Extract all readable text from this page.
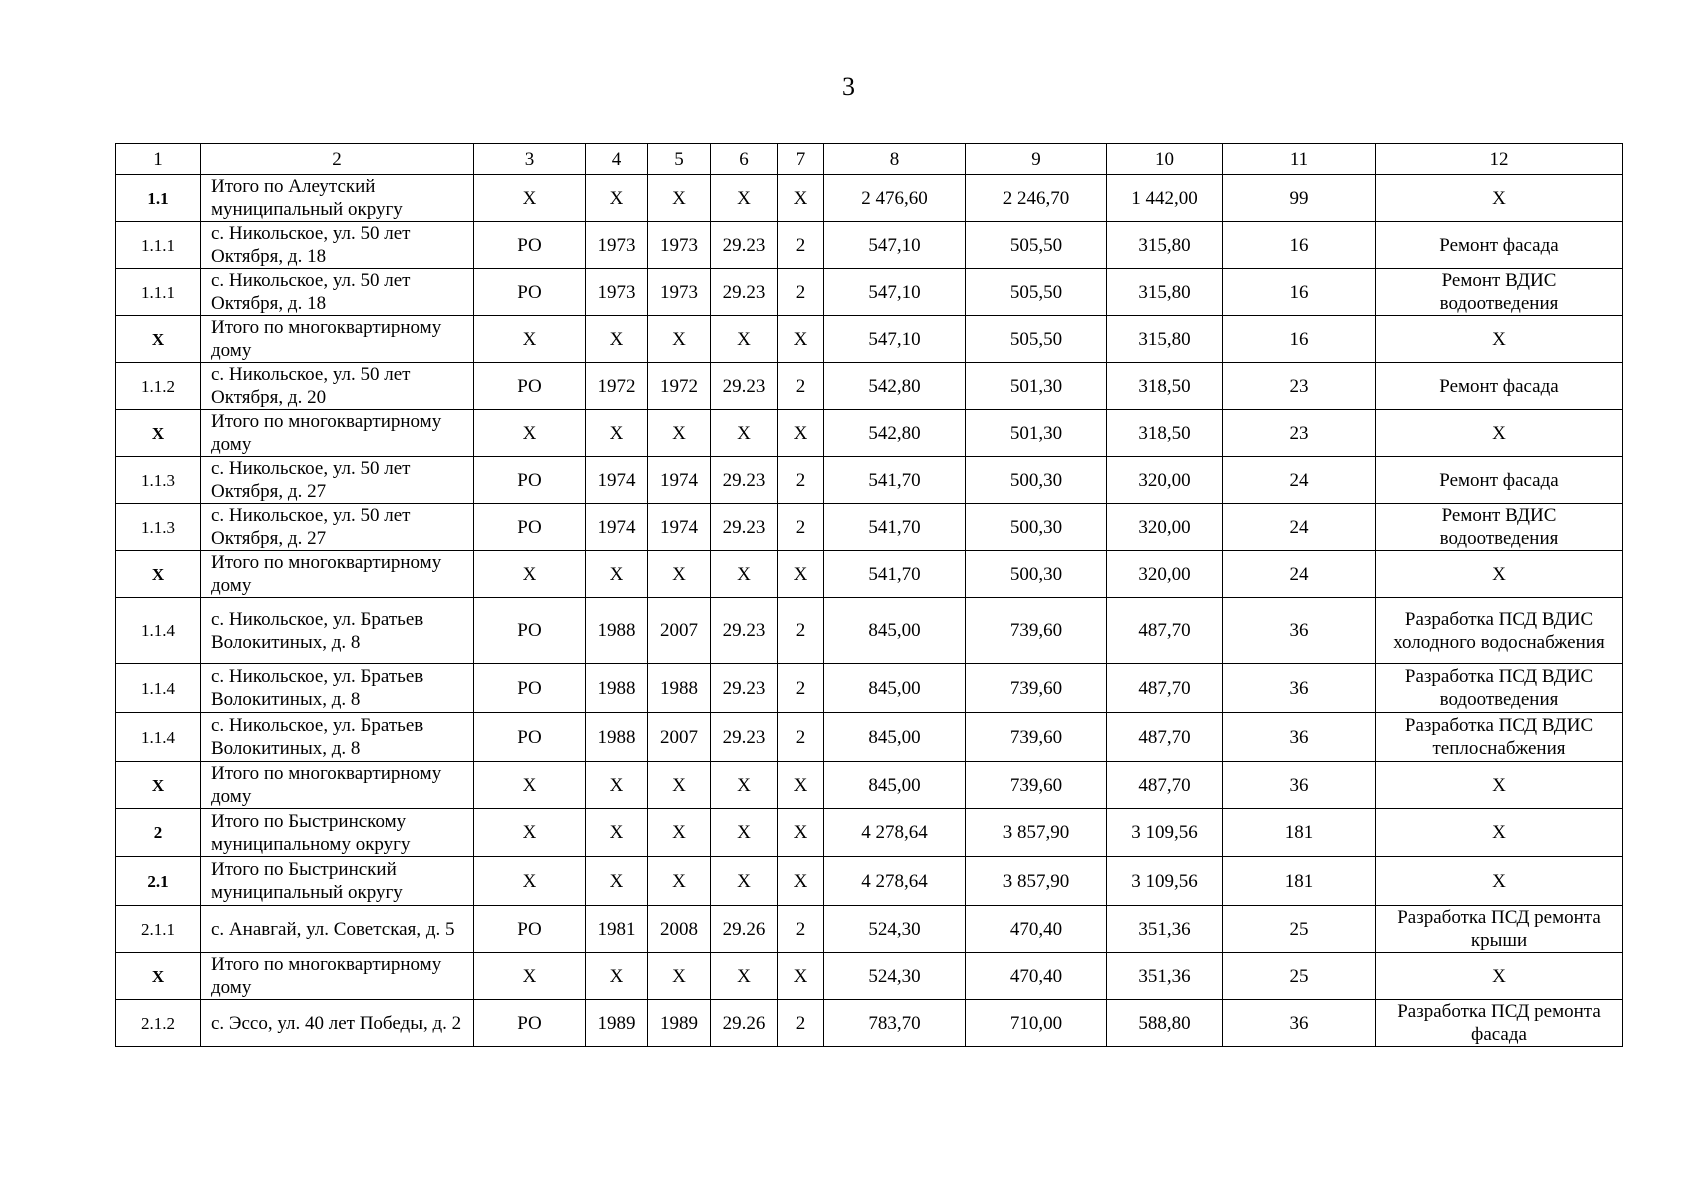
3
1	2	3	4	5	6	7	8	9	10	11	12
1.1	Итого по Алеутский муниципальный округу	X	X	X	X	X	2 476,60	2 246,70	1 442,00	99	X
1.1.1	с. Никольское, ул. 50 лет Октября, д. 18	РО	1973	1973	29.23	2	547,10	505,50	315,80	16	Ремонт фасада
1.1.1	с. Никольское, ул. 50 лет Октября, д. 18	РО	1973	1973	29.23	2	547,10	505,50	315,80	16	Ремонт ВДИС водоотведения
X	Итого по многоквартирному дому	X	X	X	X	X	547,10	505,50	315,80	16	X
1.1.2	с. Никольское, ул. 50 лет Октября, д. 20	РО	1972	1972	29.23	2	542,80	501,30	318,50	23	Ремонт фасада
X	Итого по многоквартирному дому	X	X	X	X	X	542,80	501,30	318,50	23	X
1.1.3	с. Никольское, ул. 50 лет Октября, д. 27	РО	1974	1974	29.23	2	541,70	500,30	320,00	24	Ремонт фасада
1.1.3	с. Никольское, ул. 50 лет Октября, д. 27	РО	1974	1974	29.23	2	541,70	500,30	320,00	24	Ремонт ВДИС водоотведения
X	Итого по многоквартирному дому	X	X	X	X	X	541,70	500,30	320,00	24	X
1.1.4	с. Никольское, ул. Братьев Волокитиных, д. 8	РО	1988	2007	29.23	2	845,00	739,60	487,70	36	Разработка ПСД ВДИС холодного водоснабжения
1.1.4	с. Никольское, ул. Братьев Волокитиных, д. 8	РО	1988	1988	29.23	2	845,00	739,60	487,70	36	Разработка ПСД ВДИС водоотведения
1.1.4	с. Никольское, ул. Братьев Волокитиных, д. 8	РО	1988	2007	29.23	2	845,00	739,60	487,70	36	Разработка ПСД ВДИС теплоснабжения
X	Итого по многоквартирному дому	X	X	X	X	X	845,00	739,60	487,70	36	X
2	Итого по Быстринскому муниципальному округу	X	X	X	X	X	4 278,64	3 857,90	3 109,56	181	X
2.1	Итого по Быстринский муниципальный округу	X	X	X	X	X	4 278,64	3 857,90	3 109,56	181	X
2.1.1	с. Анавгай, ул. Советская, д. 5	РО	1981	2008	29.26	2	524,30	470,40	351,36	25	Разработка ПСД ремонта крыши
X	Итого по многоквартирному дому	X	X	X	X	X	524,30	470,40	351,36	25	X
2.1.2	с. Эссо, ул. 40 лет Победы, д. 2	РО	1989	1989	29.26	2	783,70	710,00	588,80	36	Разработка ПСД ремонта фасада
